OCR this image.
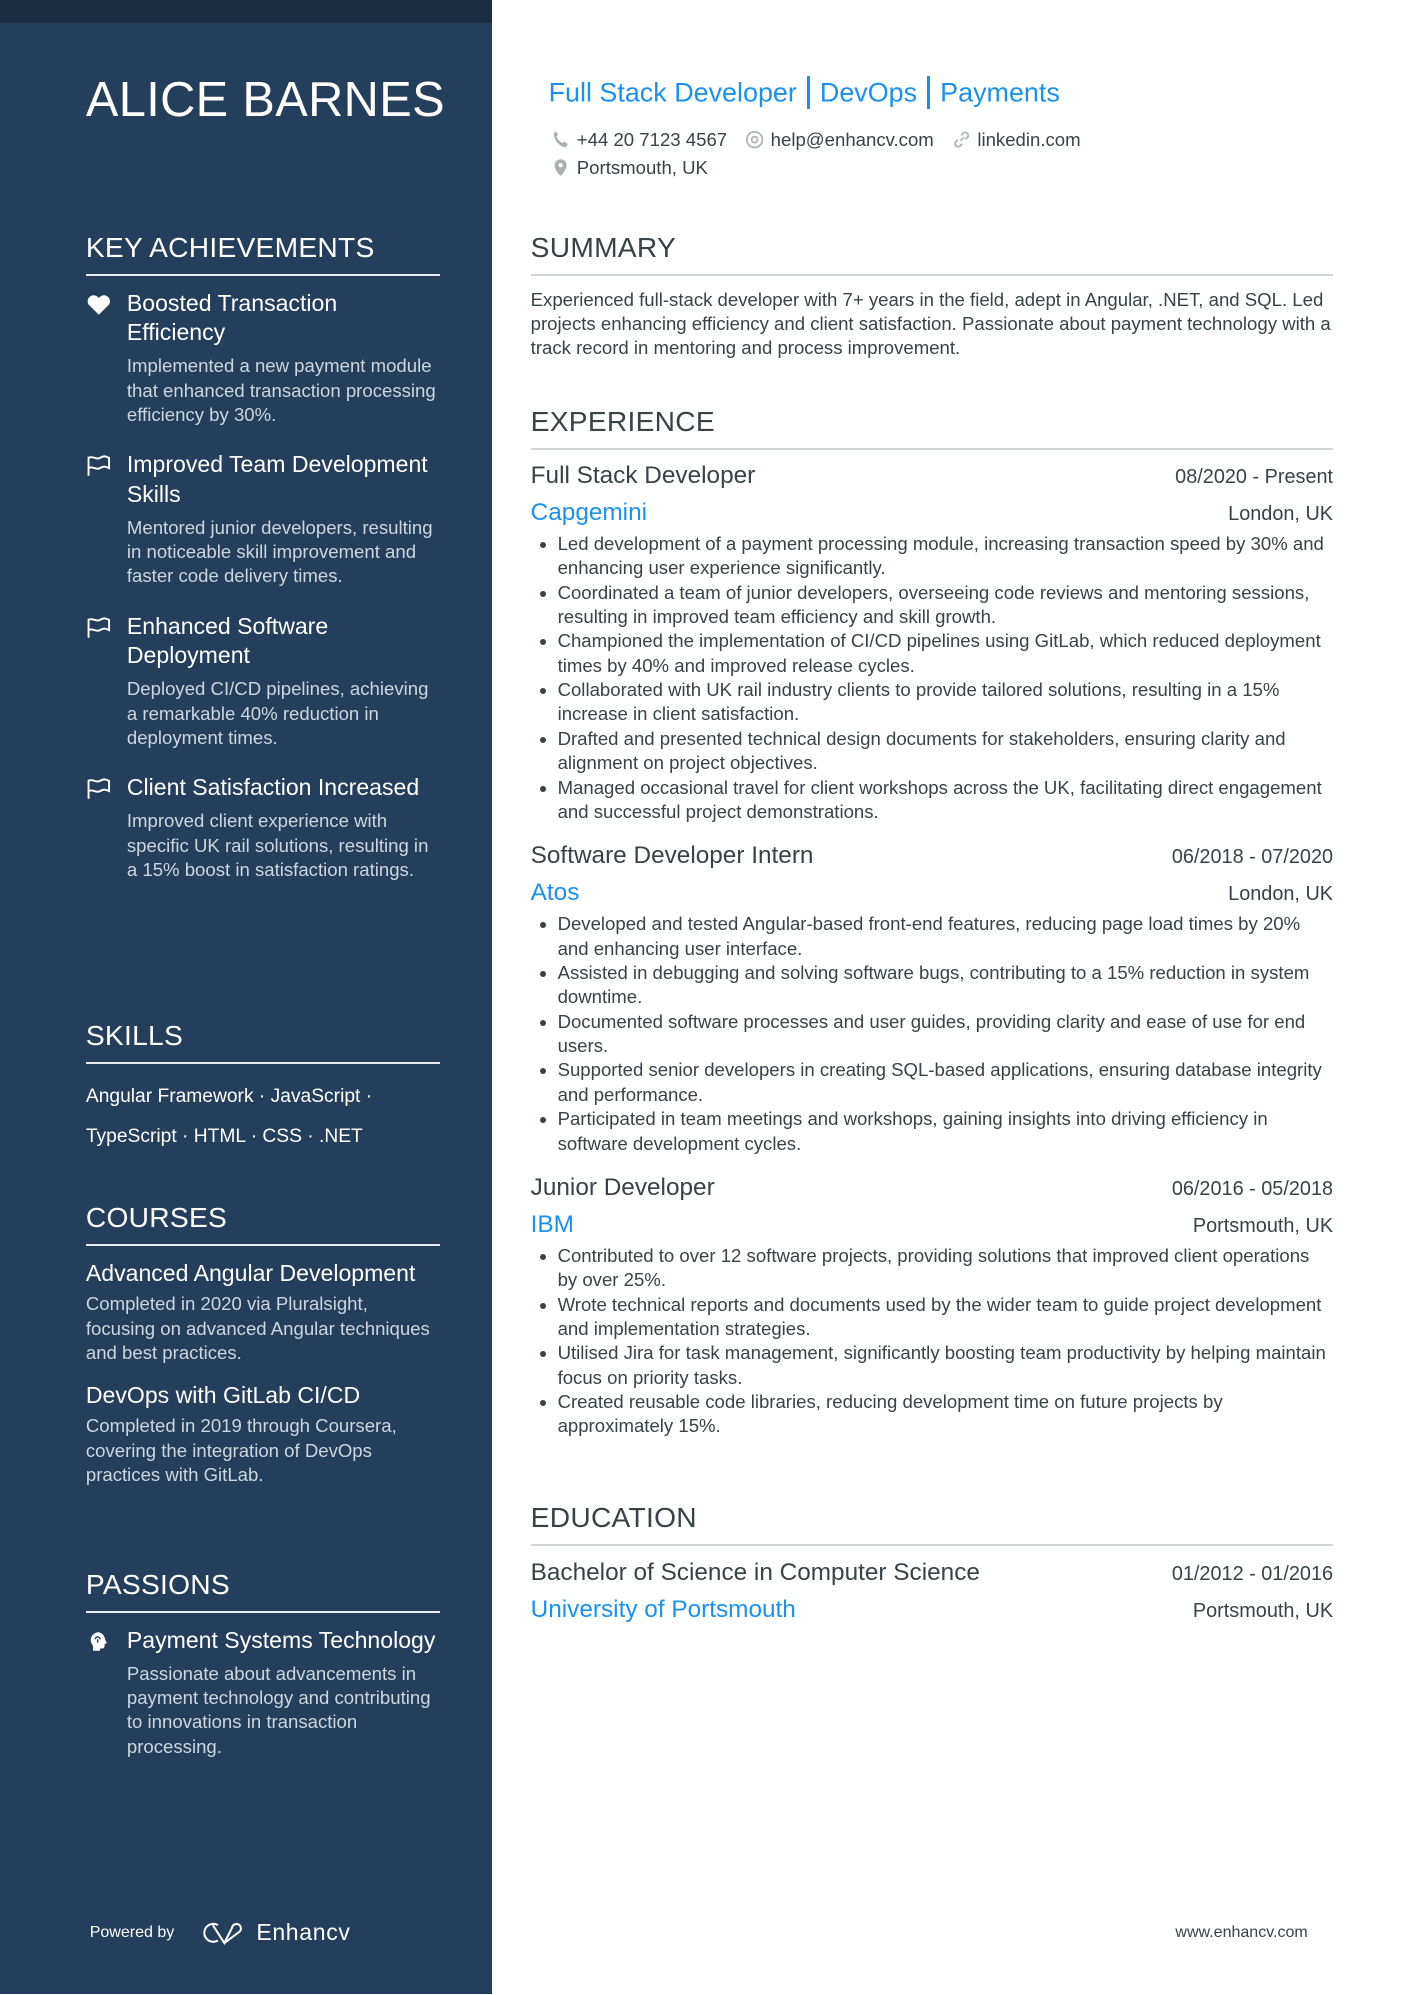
ALICE BARNES
KEY ACHIEVEMENTS
Boosted Transaction Efficiency
Implemented a new payment module that enhanced transaction processing efficiency by 30%.
Improved Team Development Skills
Mentored junior developers, resulting in noticeable skill improvement and faster code delivery times.
Enhanced Software Deployment
Deployed CI/CD pipelines, achieving a remarkable 40% reduction in deployment times.
Client Satisfaction Increased
Improved client experience with specific UK rail solutions, resulting in a 15% boost in satisfaction ratings.
SKILLS
Angular Framework · JavaScript ·
TypeScript · HTML · CSS · .NET
COURSES
Advanced Angular Development
Completed in 2020 via Pluralsight, focusing on advanced Angular techniques and best practices.
DevOps with GitLab CI/CD
Completed in 2019 through Coursera, covering the integration of DevOps practices with GitLab.
PASSIONS
Payment Systems Technology
Passionate about advancements in payment technology and contributing to innovations in transaction processing.
Powered by	Enhancv
Full Stack Developer DevOps Payments
+44 20 7123 4567	help@enhancv.com	linkedin.com
Portsmouth, UK
SUMMARY
Experienced full-stack developer with 7+ years in the field, adept in Angular, .NET, and SQL. Led projects enhancing efficiency and client satisfaction. Passionate about payment technology with a track record in mentoring and process improvement.
EXPERIENCE
Full Stack Developer	08/2020 - Present
Capgemini	London, UK
• Led development of a payment processing module, increasing transaction speed by 30% and enhancing user experience significantly.
• Coordinated a team of junior developers, overseeing code reviews and mentoring sessions, resulting in improved team efficiency and skill growth.
• Championed the implementation of CI/CD pipelines using GitLab, which reduced deployment times by 40% and improved release cycles.
• Collaborated with UK rail industry clients to provide tailored solutions, resulting in a 15% increase in client satisfaction.
• Drafted and presented technical design documents for stakeholders, ensuring clarity and alignment on project objectives.
• Managed occasional travel for client workshops across the UK, facilitating direct engagement and successful project demonstrations.
Software Developer Intern	06/2018 - 07/2020
Atos	London, UK
• Developed and tested Angular-based front-end features, reducing page load times by 20% and enhancing user interface.
• Assisted in debugging and solving software bugs, contributing to a 15% reduction in system downtime.
• Documented software processes and user guides, providing clarity and ease of use for end users.
• Supported senior developers in creating SQL-based applications, ensuring database integrity and performance.
• Participated in team meetings and workshops, gaining insights into driving efficiency in software development cycles.
Junior Developer	06/2016 - 05/2018
IBM	Portsmouth, UK
• Contributed to over 12 software projects, providing solutions that improved client operations by over 25%.
• Wrote technical reports and documents used by the wider team to guide project development and implementation strategies.
• Utilised Jira for task management, significantly boosting team productivity by helping maintain focus on priority tasks.
• Created reusable code libraries, reducing development time on future projects by approximately 15%.
EDUCATION
Bachelor of Science in Computer Science	01/2012 - 01/2016
University of Portsmouth	Portsmouth, UK
www.enhancv.com
